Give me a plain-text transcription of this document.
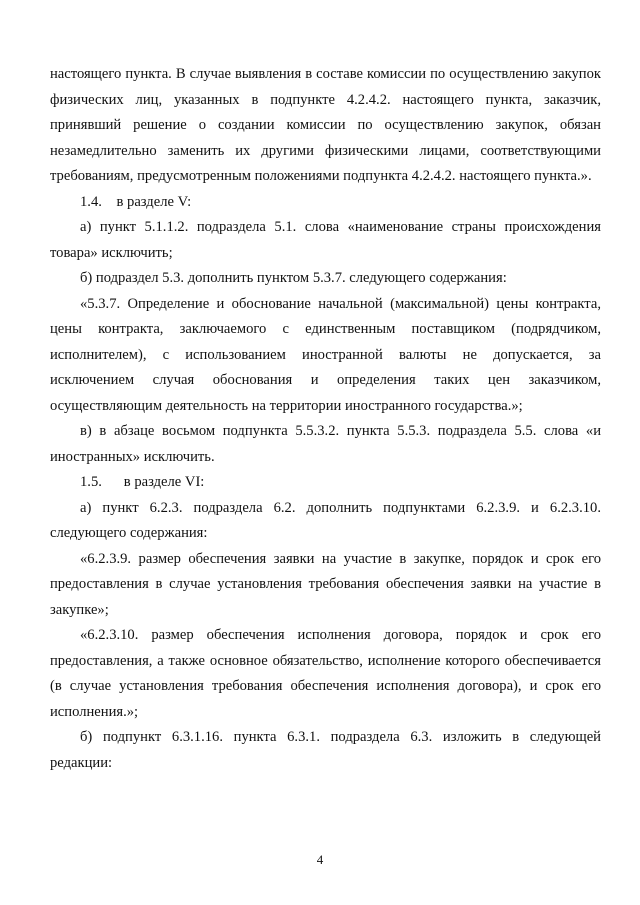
настоящего пункта. В случае выявления в составе комиссии по осуществлению закупок физических лиц, указанных в подпункте 4.2.4.2. настоящего пункта, заказчик, принявший решение о создании комиссии по осуществлению закупок, обязан незамедлительно заменить их другими физическими лицами, соответствующими требованиям, предусмотренным положениями подпункта 4.2.4.2. настоящего пункта.».

1.4.    в разделе V:

а) пункт 5.1.1.2. подраздела 5.1. слова «наименование страны происхождения товара» исключить;

б) подраздел 5.3. дополнить пунктом 5.3.7. следующего содержания:

«5.3.7. Определение и обоснование начальной (максимальной) цены контракта, цены контракта, заключаемого с единственным поставщиком (подрядчиком, исполнителем), с использованием иностранной валюты не допускается, за исключением случая обоснования и определения таких цен заказчиком, осуществляющим деятельность на территории иностранного государства.»;

в) в абзаце восьмом подпункта 5.5.3.2. пункта 5.5.3. подраздела 5.5. слова «и иностранных» исключить.

1.5.      в разделе VI:

а) пункт 6.2.3. подраздела 6.2. дополнить подпунктами 6.2.3.9. и 6.2.3.10. следующего содержания:

«6.2.3.9. размер обеспечения заявки на участие в закупке, порядок и срок его предоставления в случае установления требования обеспечения заявки на участие в закупке»;

«6.2.3.10. размер обеспечения исполнения договора, порядок и срок его предоставления, а также основное обязательство, исполнение которого обеспечивается (в случае установления требования обеспечения исполнения договора), и срок его исполнения.»;

б) подпункт 6.3.1.16. пункта 6.3.1. подраздела 6.3. изложить в следующей редакции:

4
